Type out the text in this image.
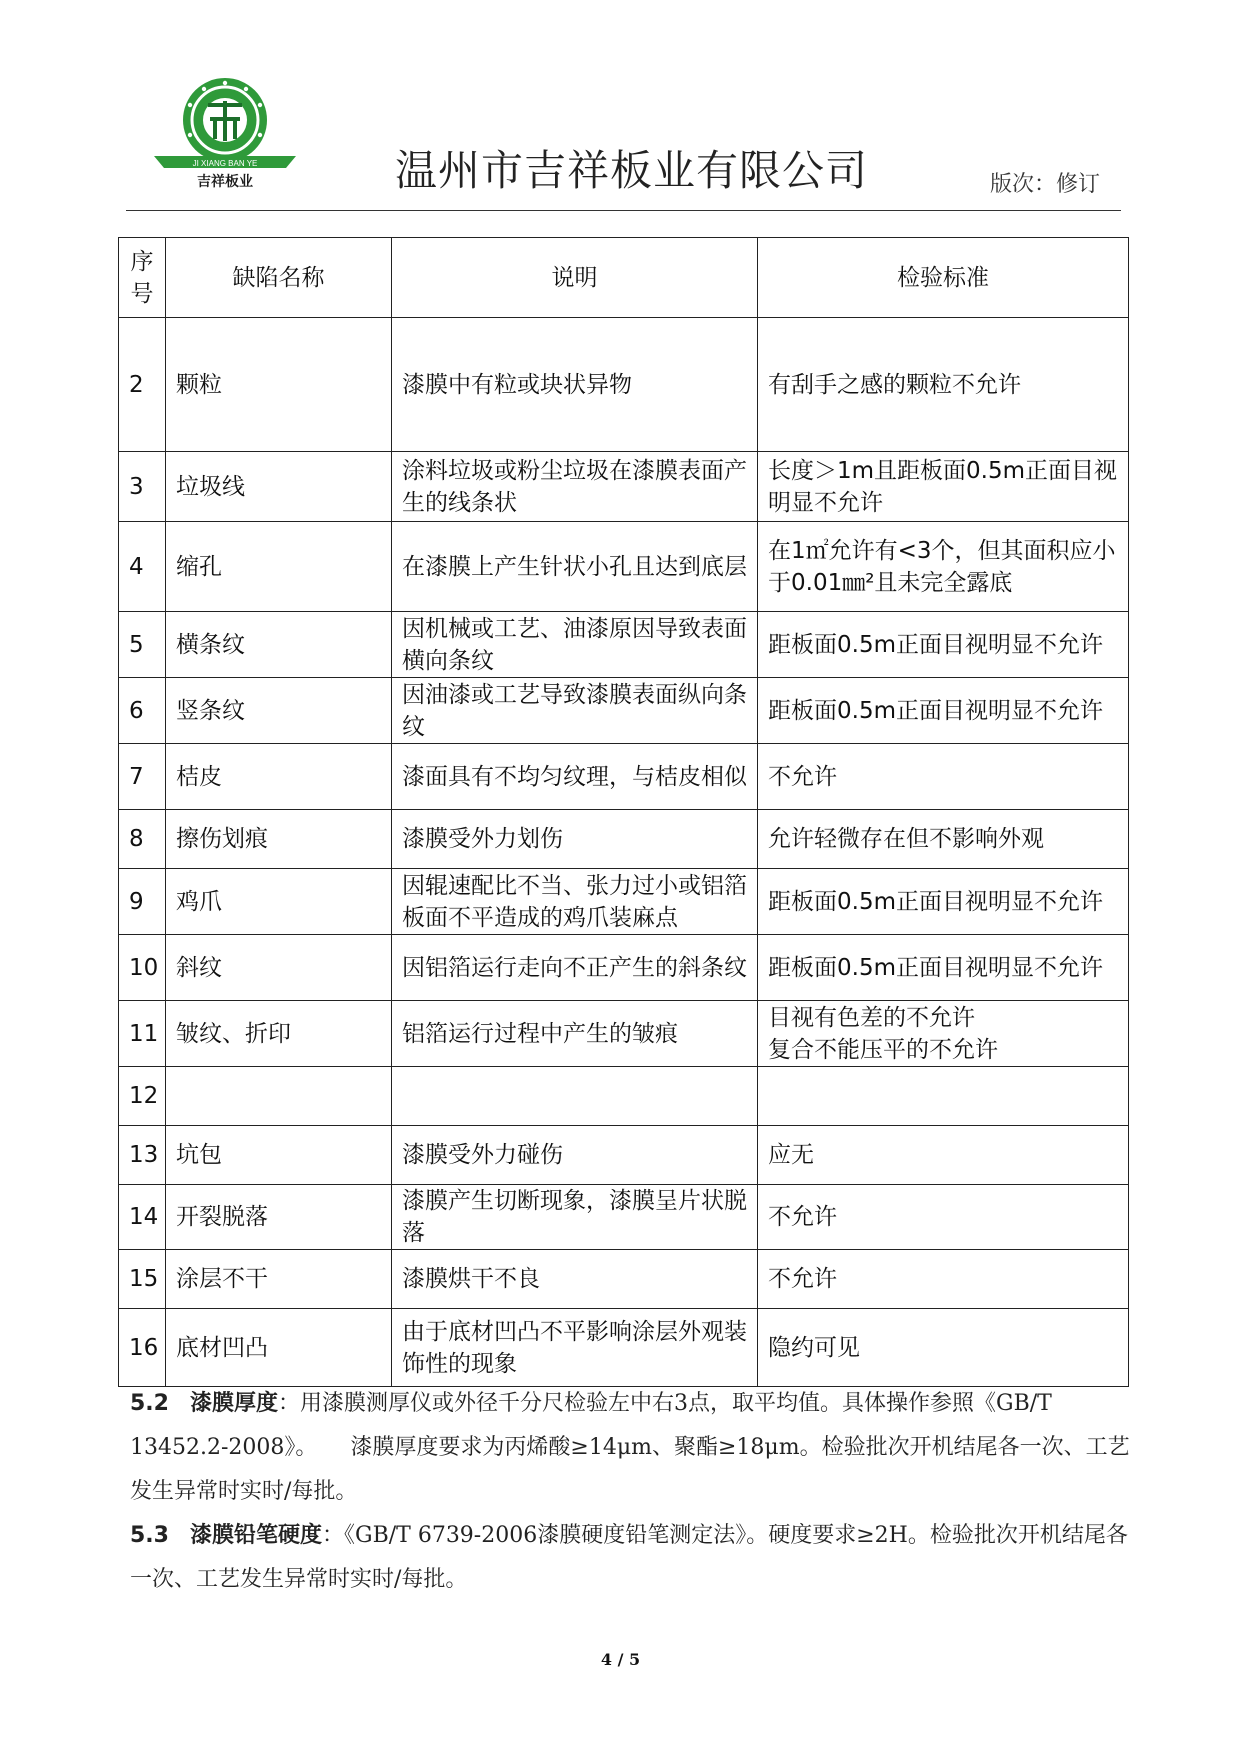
JI XIANG BAN YE
吉祥板业	温州市吉祥板业有限公司	版次：修订
序号	缺陷名称	说明	检验标准
2	颗粒	漆膜中有粒或块状异物	有刮手之感的颗粒不允许
3	垃圾线	涂料垃圾或粉尘垃圾在漆膜表面产生的线条状	长度＞1m且距板面0.5m正面目视明显不允许
4	缩孔	在漆膜上产生针状小孔且达到底层	在1㎡允许有<3个，但其面积应小于0.01㎜²且未完全露底
5	横条纹	因机械或工艺、油漆原因导致表面横向条纹	距板面0.5m正面目视明显不允许
6	竖条纹	因油漆或工艺导致漆膜表面纵向条纹	距板面0.5m正面目视明显不允许
7	桔皮	漆面具有不均匀纹理，与桔皮相似	不允许
8	擦伤划痕	漆膜受外力划伤	允许轻微存在但不影响外观
9	鸡爪	因辊速配比不当、张力过小或铝箔板面不平造成的鸡爪装麻点	距板面0.5m正面目视明显不允许
10	斜纹	因铝箔运行走向不正产生的斜条纹	距板面0.5m正面目视明显不允许
11	皱纹、折印	铝箔运行过程中产生的皱痕	目视有色差的不允许
复合不能压平的不允许

12			
13	坑包	漆膜受外力碰伤	应无
14	开裂脱落	漆膜产生切断现象，漆膜呈片状脱落	不允许
15	涂层不干	漆膜烘干不良	不允许
16	底材凹凸	由于底材凹凸不平影响涂层外观装饰性的现象	隐约可见
5.2 漆膜厚度：用漆膜测厚仪或外径千分尺检验左中右3点，取平均值。具体操作参照《GB/T 13452.2-2008》。　　漆膜厚度要求为丙烯酸≥14μm、聚酯≥18μm。检验批次开机结尾各一次、工艺发生异常时实时/每批。
5.3 漆膜铅笔硬度：《GB/T 6739-2006漆膜硬度铅笔测定法》。硬度要求≥2H。检验批次开机结尾各一次、工艺发生异常时实时/每批。
4 / 5
